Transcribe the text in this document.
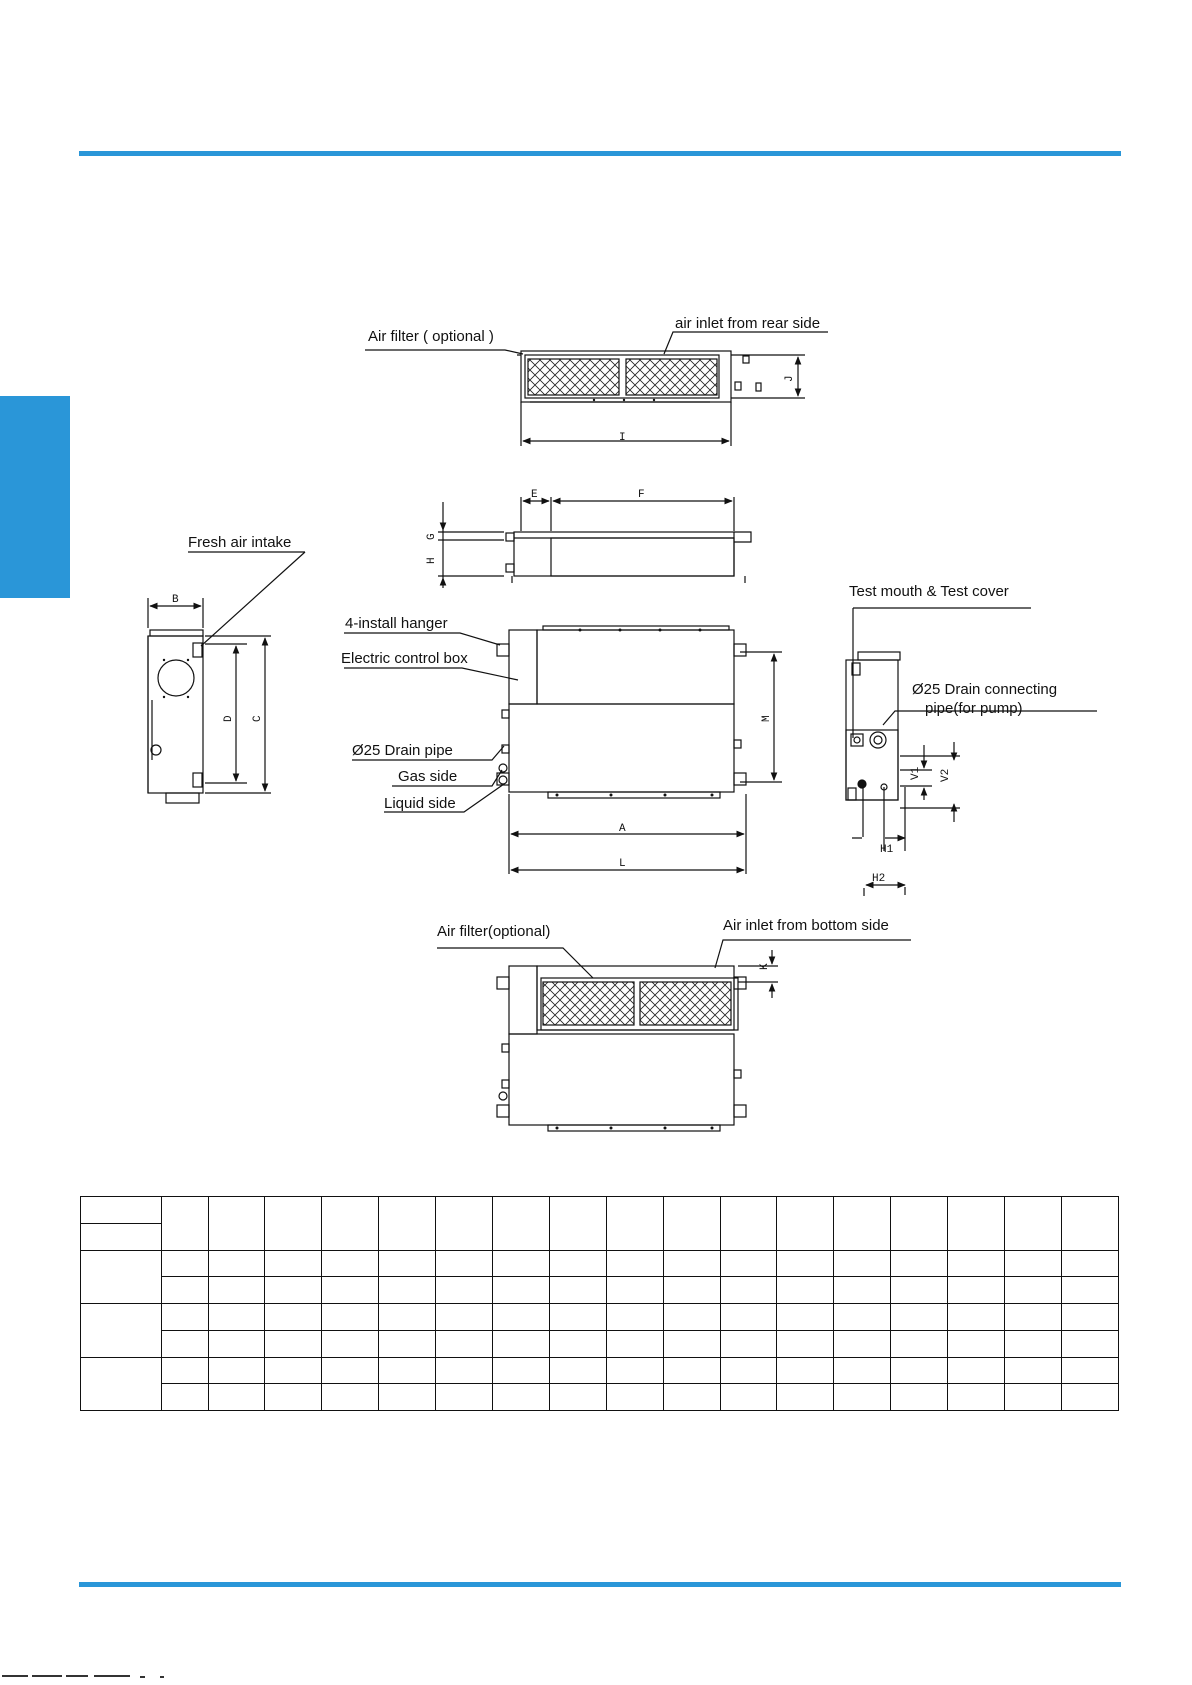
Air filter ( optional )
air inlet from rear side
Fresh air intake
4-install hanger
Electric control box
Ø25 Drain pipe
Gas side
Liquid side
Test mouth & Test cover
Ø25 Drain connecting
pipe(for pump)
Air filter(optional)	Air inlet from bottom side
I
J
E	F
G
H
B
C
D	M
A
L
K
H1
H2
V1 V2
